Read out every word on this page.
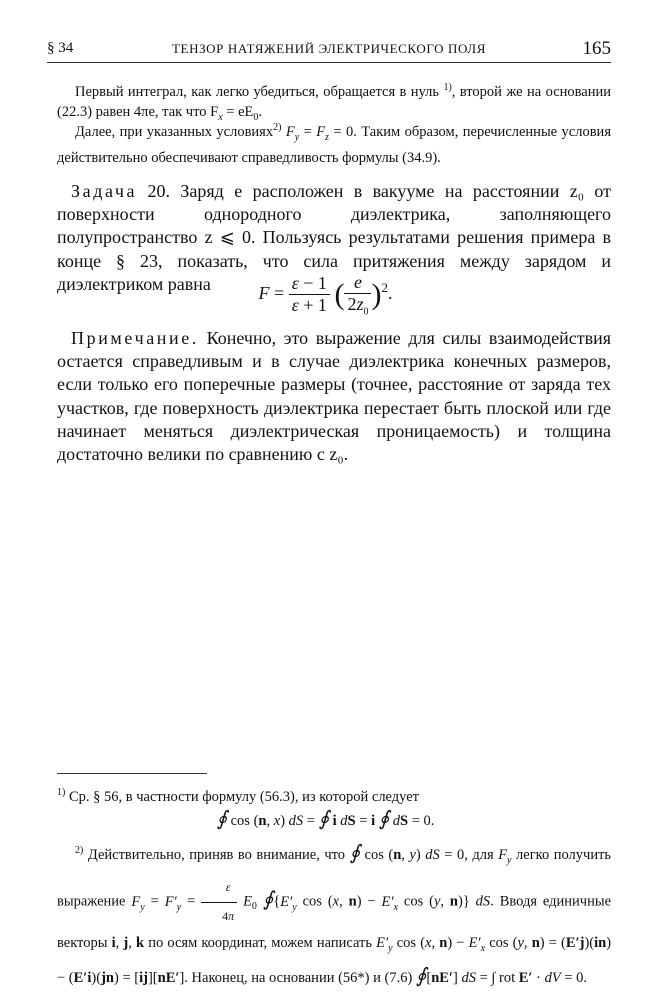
§ 34	ТЕНЗОР НАТЯЖЕНИЙ ЭЛЕКТРИЧЕСКОГО ПОЛЯ	165

Первый интеграл, как легко убедиться, обращается в нуль $^{1)}$, второй же на основании (22.3) равен 4πe, так что $F_x = eE_0$.

Далее, при указанных условиях$^{2)}$ $F_y = F_z = 0$. Таким образом, перечисленные условия действительно обеспечивают справедливость формулы (34.9).

Задача 20. Заряд e расположен в вакууме на расстоянии z₀ от поверхности однородного диэлектрика, заполняющего полупространство z ⩽ 0. Пользуясь результатами решения примера в конце § 23, показать, что сила притяжения между зарядом и диэлектриком равна	$F = \frac{\varepsilon - 1}{\varepsilon + 1}$ ( $\frac{e}{2z_0} )^2$.

Примечание. Конечно, это выражение для силы взаимодействия остается справедливым и в случае диэлектрика конечных размеров, если только его поперечные размеры (точнее, расстояние от заряда тех участков, где поверхность диэлектрика перестает быть плоской или где начинает меняться диэлектрическая проницаемость) и толщина достаточно велики по сравнению с z₀.

$^{1)}$ Ср. § 56, в частности формулу (56.3), из которой следует

∮ cos (n, x) dS = ∮ i dS = i ∮ dS = 0.

$^{2)}$ Действительно, приняв во внимание, что ∮ cos (n, y) dS = 0, для $F_y$ легко получить выражение $F_y = F'_y = \frac{\varepsilon}{4\pi} E_0$ $∮\{E'_y$ cos (x, $n) - E'_x$ cos (y, n)} dS. Вводя единичные векторы i, j, k по осям координат, можем написать $E'_y$ cos (x, $n) - E'_x$ cos (y, n) = (E′j)(in) − (E′i)(jn) = [ij][nE′]. Наконец, на основании (56*) и (7.6) ∮[nE′] dS = ∫ rot E′ · dV = 0.
